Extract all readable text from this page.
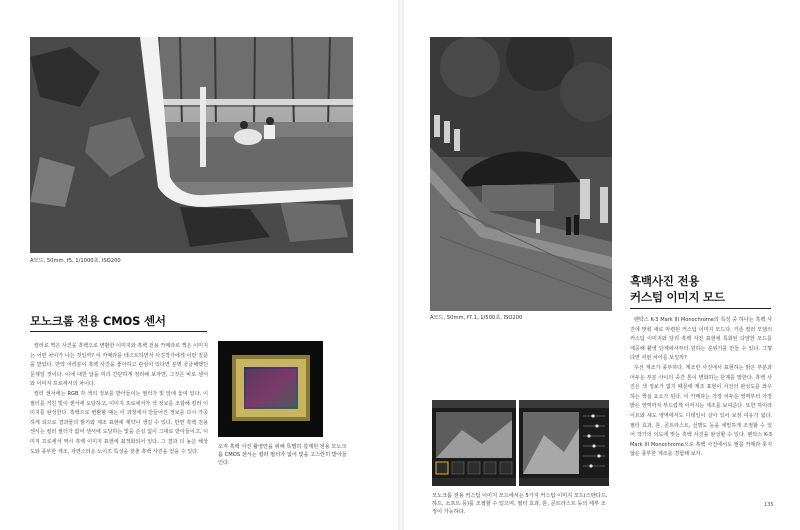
A모드, 50mm, f5, 1/1000초, ISO200
모노크롬 전용 CMOS 센서

컬러로 찍은 사진을 흑백으로 변환한 이미지와 흑백 전용 카메라로 찍은 이미지는 어떤 차이가 나는 것일까? 이 카메라를 테스트하면서 사진작가에게 이런 질문을 받았다. 만약 여러분이 흑백 사진을 좋아하고 관심이 있다면 분명 궁금해했던 문제일 것이다. 이에 대한 답을 미리 간단하게 정리해 보자면, 그것은 바로 센서와 이미지 프로세서의 차이다.

컬러 센서에는 RGB 각 색의 정보를 받아들이는 필터가 빛 앞에 놓여 있다. 이 필터를 거친 빛이 센서에 도달하고, 이미지 프로세서가 색 정보를 조합해 컬러 이미지를 완성한다. 흑백으로 변환할 때는 이 과정에서 만들어진 정보를 다시 가공하게 되므로 결과물의 밝기와 계조 표현에 제약이 생길 수 있다. 반면 흑백 전용 센서는 컬러 필터가 없어 센서에 도달하는 빛을 손실 없이 그대로 받아들이고, 이미지 프로세서 역시 흑백 이미지 표현에 최적화되어 있다. 그 결과 더 높은 해상도와 풍부한 계조, 자연스러운 노이즈 특성을 갖춘 흑백 사진을 얻을 수 있다.

오직 흑백 사진 촬영만을 위해 특별히 설계된 전용 모노크롬 CMOS 센서는 컬러 필터가 없어 빛을 고스란히 받아들인다.
A모드, 50mm, f7.1, 1/500초, ISO200
흑백사진 전용
커스텀 이미지 모드

펜탁스 K-3 Mark III Monochrome의 특징 중 하나는 흑백 사진에 맞춰 새로 마련된 커스텀 이미지 모드다. 기존 컬러 모델의 커스텀 이미지와 달리 흑백 사진 표현에 특화된 다양한 모드를 제공해 촬영 단계에서부터 원하는 분위기를 만들 수 있다. 그렇다면 어떤 차이를 보일까?

우선 계조가 풍부하다. 계조란 사진에서 표현하는 밝은 부분과 어두운 부분 사이의 중간 톤이 변화하는 단계를 말한다. 흑백 사진은 색 정보가 없기 때문에 계조 표현이 사진의 완성도를 좌우하는 핵심 요소가 된다. 이 카메라는 가장 어두운 영역부터 가장 밝은 영역까지 부드럽게 이어지는 계조를 보여준다. 또한 하이라이트와 섀도 영역에서도 디테일이 살아 있어 보정 여유가 넓다. 필터 효과, 톤, 콘트라스트, 선명도 등을 세밀하게 조절할 수 있어 작가의 의도에 맞는 흑백 사진을 완성할 수 있다. 펜탁스 K-3 Mark III Monochrome으로 흑백 사진에서도 필름 카메라 못지않은 풍부한 계조를 경험해 보자.

모노크롬 전용 커스텀 이미지 모드에서는 5가지 커스텀 이미지 모드(스탠다드, 하드, 소프트 등)를 조절할 수 있으며, 필터 효과, 톤, 콘트라스트 등의 세부 조정이 가능하다.
135
